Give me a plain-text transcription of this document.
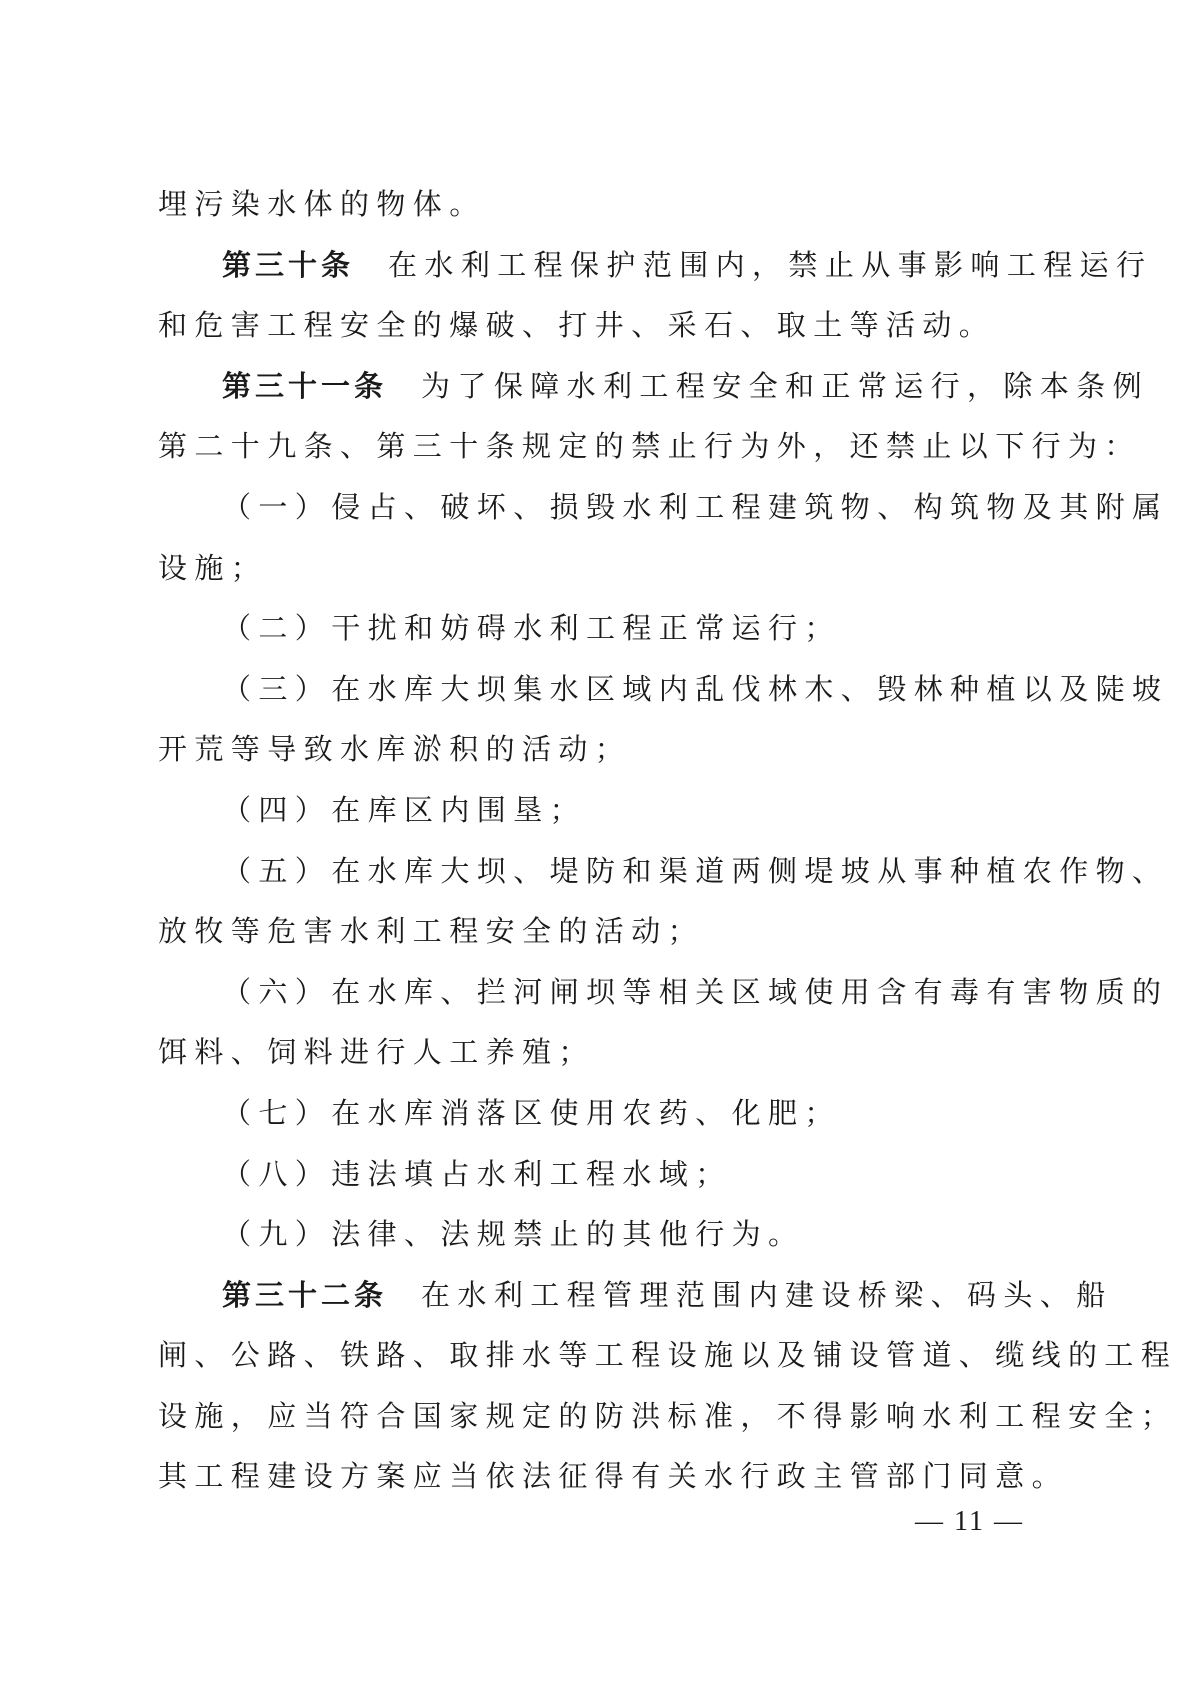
埋污染水体的物体。
第三十条 在水利工程保护范围内，禁止从事影响工程运行
和危害工程安全的爆破、打井、采石、取土等活动。
第三十一条 为了保障水利工程安全和正常运行，除本条例
第二十九条、第三十条规定的禁止行为外，还禁止以下行为：
（一）侵占、破坏、损毁水利工程建筑物、构筑物及其附属
设施；
（二）干扰和妨碍水利工程正常运行；
（三）在水库大坝集水区域内乱伐林木、毁林种植以及陡坡
开荒等导致水库淤积的活动；
（四）在库区内围垦；
（五）在水库大坝、堤防和渠道两侧堤坡从事种植农作物、
放牧等危害水利工程安全的活动；
（六）在水库、拦河闸坝等相关区域使用含有毒有害物质的
饵料、饲料进行人工养殖；
（七）在水库消落区使用农药、化肥；
（八）违法填占水利工程水域；
（九）法律、法规禁止的其他行为。
第三十二条 在水利工程管理范围内建设桥梁、码头、船
闸、公路、铁路、取排水等工程设施以及铺设管道、缆线的工程
设施，应当符合国家规定的防洪标准，不得影响水利工程安全；
其工程建设方案应当依法征得有关水行政主管部门同意。
— 11 —
